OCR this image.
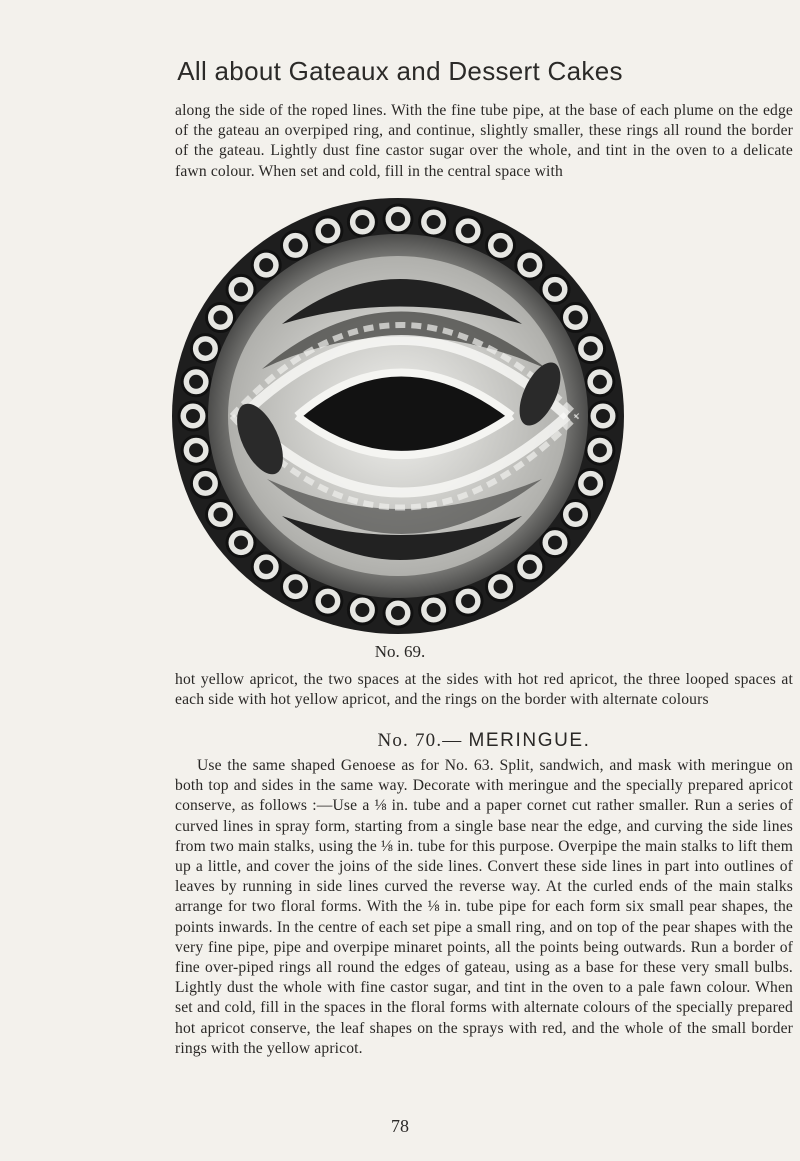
All about Gateaux and Dessert Cakes

along the side of the roped lines. With the fine tube pipe, at the base of each plume on the edge of the gateau an overpiped ring, and continue, slightly smaller, these rings all round the border of the gateau. Lightly dust fine castor sugar over the whole, and tint in the oven to a delicate fawn colour. When set and cold, fill in the central space with

No. 69.

hot yellow apricot, the two spaces at the sides with hot red apricot, the three looped spaces at each side with hot yellow apricot, and the rings on the border with alternate colours

No. 70.— MERINGUE.

Use the same shaped Genoese as for No. 63. Split, sandwich, and mask with meringue on both top and sides in the same way. Decorate with meringue and the specially prepared apricot conserve, as follows :—Use a ⅛ in. tube and a paper cornet cut rather smaller. Run a series of curved lines in spray form, starting from a single base near the edge, and curving the side lines from two main stalks, using the ⅛ in. tube for this purpose. Overpipe the main stalks to lift them up a little, and cover the joins of the side lines. Convert these side lines in part into outlines of leaves by running in side lines curved the reverse way. At the curled ends of the main stalks arrange for two floral forms. With the ⅛ in. tube pipe for each form six small pear shapes, the points inwards. In the centre of each set pipe a small ring, and on top of the pear shapes with the very fine pipe, pipe and overpipe minaret points, all the points being outwards. Run a border of fine over-piped rings all round the edges of gateau, using as a base for these very small bulbs. Lightly dust the whole with fine castor sugar, and tint in the oven to a pale fawn colour. When set and cold, fill in the spaces in the floral forms with alternate colours of the specially prepared hot apricot conserve, the leaf shapes on the sprays with red, and the whole of the small border rings with the yellow apricot.

78
